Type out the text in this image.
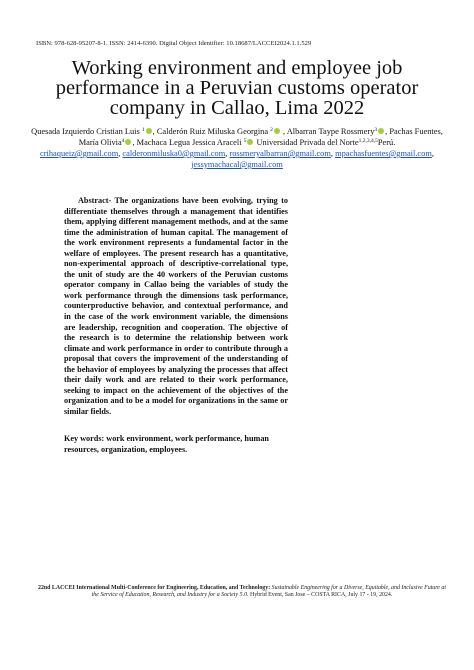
ISBN: 978-628-95207-8-1. ISSN: 2414-6390. Digital Object Identifier: 10.18687/LACCEI2024.1.1.529
Working environment and employee job
performance in a Peruvian customs operator
company in Callao, Lima 2022
Quesada Izquierdo Cristian Luis $^1$ , Calderón Ruiz Miluska Georgina $^2$ , Albarran Taype Rossmery$^3$ , Pachas Fuentes,
María Olivia$^4$ , Machaca Legua Jessica Araceli $^5$ Universidad Privada del Norte$^{1,2,3,4,5}$Perú.
crihaqueiz@gmail.com, calderonmiluska0@gmail.com, rossmeryalbarran@gmail.com, mpachasfuentes@gmail.com,
jessymachacal@gmail.com

Abstract- The organizations have been evolving, trying to differentiate themselves through a management that identifies them, applying different management methods, and at the same time the administration of human capital. The management of the work environment represents a fundamental factor in the welfare of employees. The present research has a quantitative, non-experimental approach of descriptive-correlational type, the unit of study are the 40 workers of the Peruvian customs operator company in Callao being the variables of study the work performance through the dimensions task performance, counterproductive behavior, and contextual performance, and in the case of the work environment variable, the dimensions are leadership, recognition and cooperation. The objective of the research is to determine the relationship between work climate and work performance in order to contribute through a proposal that covers the improvement of the understanding of the behavior of employees by analyzing the processes that affect their daily work and are related to their work performance, seeking to impact on the achievement of the objectives of the organization and to be a model for organizations in the same or similar fields.

Key words: work environment, work performance, human resources, organization, employees.
22nd LACCEI International Multi-Conference for Engineering, Education, and Technology: Sustainable Engineering for a Diverse, Equitable, and Inclusive Future at the Service of Education, Research, and Industry for a Society 5.0. Hybrid Event, San Jose – COSTA RICA, July 17 - 19, 2024.
